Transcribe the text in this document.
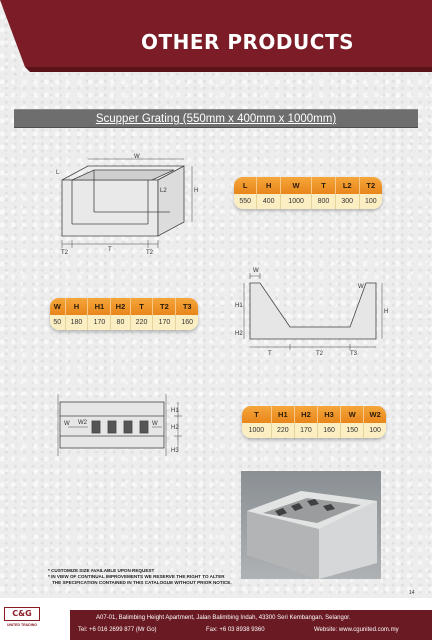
OTHER PRODUCTS
Scupper Grating (550mm x 400mm x 1000mm)
W
L
L2	H
T2	T	T2
L	H	W	T	L2	T2
550	400	1000	800	300	100
W
W
H
H1
H2
T	T2	T3
W	H	H1	H2	T	T2	T3
50	180	170	80	220	170	160
H1
H2
H3
W W2	W
T	H1	H2	H3	W	W2
1000	220	170	160	150	100
* CUSTOMIZE SIZE AVAILABLE UPON REQUEST
* IN VIEW OF CONTINUAL IMPROVEMENTS WE RESERVE THE RIGHT TO ALTER
THE SPECIFICATION CONTAINED IN THIS CATALOGUE WITHOUT PRIOR NOTICE.
14
C&G
UNITED TRADING
A07-01, Balimbing Height Apartment, Jalan Balimbing Indah, 43300 Seri Kembangan, Selangor.
Tel: +6 016 2699 877 (Mr Go)	Fax: +6 03 8938 9360	Website: www.cgunited.com.my
